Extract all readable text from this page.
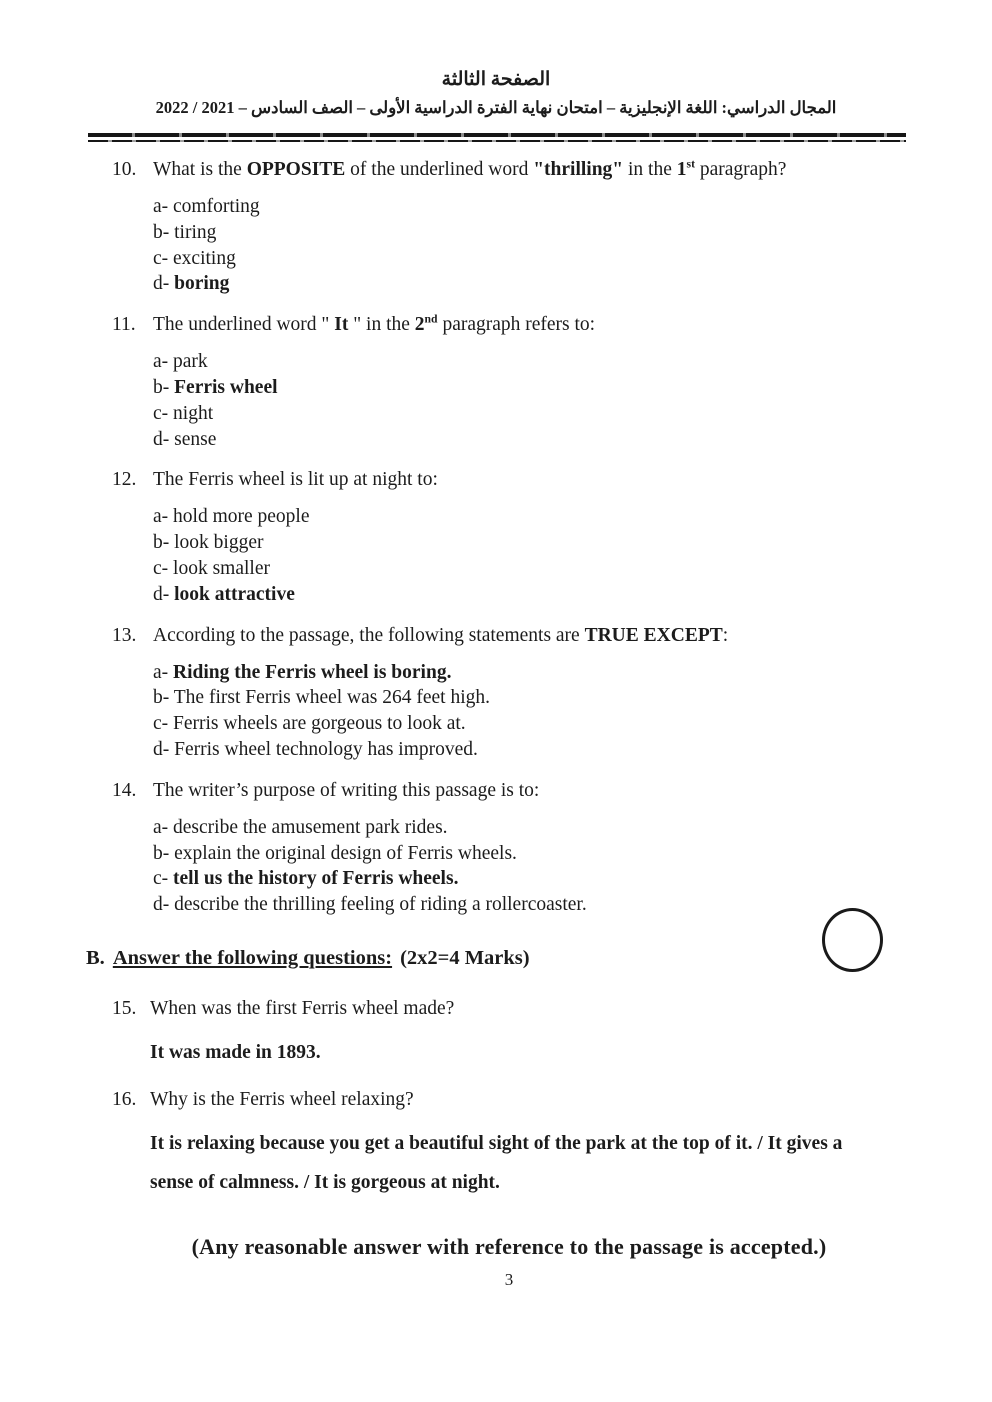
الصفحة الثالثة
المجال الدراسي: اللغة الإنجليزية – امتحان نهاية الفترة الدراسية الأولى – الصف السادس – 2021 / 2022
10. What is the OPPOSITE of the underlined word "thrilling" in the 1st paragraph?
a- comforting
b- tiring
c- exciting
d- boring
11. The underlined word " It " in the 2nd paragraph refers to:
a- park
b- Ferris wheel
c- night
d- sense
12. The Ferris wheel is lit up at night to:
a- hold more people
b- look bigger
c- look smaller
d- look attractive
13. According to the passage, the following statements are TRUE EXCEPT:
a- Riding the Ferris wheel is boring.
b- The first Ferris wheel was 264 feet high.
c- Ferris wheels are gorgeous to look at.
d- Ferris wheel technology has improved.
14. The writer’s purpose of writing this passage is to:
a- describe the amusement park rides.
b- explain the original design of Ferris wheels.
c- tell us the history of Ferris wheels.
d- describe the thrilling feeling of riding a rollercoaster.
B. Answer the following questions: (2x2=4 Marks)
15. When was the first Ferris wheel made?
It was made in 1893.
16. Why is the Ferris wheel relaxing?
It is relaxing because you get a beautiful sight of the park at the top of it. / It gives a sense of calmness. / It is gorgeous at night.
(Any reasonable answer with reference to the passage is accepted.)
3
